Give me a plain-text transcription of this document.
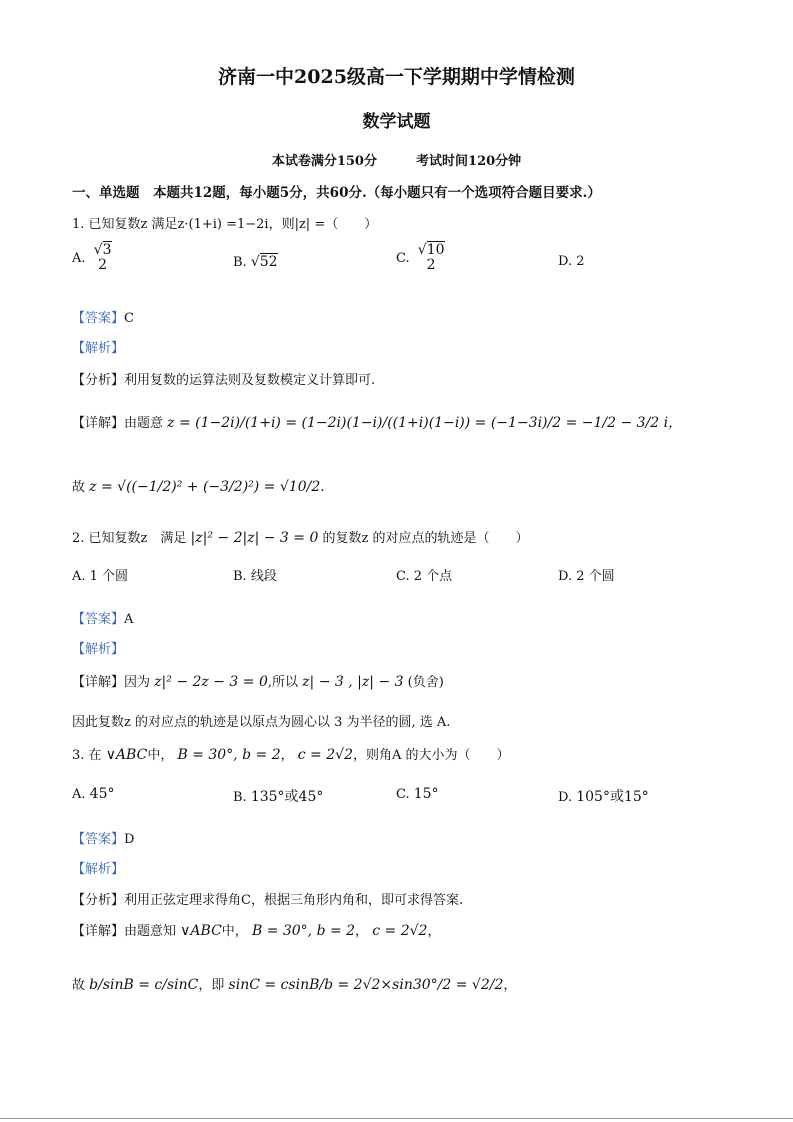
济南一中2025级高一下学期期中学情检测
数学试题
本试卷满分150分	考试时间120分钟
一、单选题　本题共12题，每小题5分，共60分.（每小题只有一个选项符合题目要求.）
1. 已知复数z 满足z·(1+i) =1−2i，则|z| =（　　）
A.
√3
2	B. √52	C.
√10
2	D. 2
【答案】C
【解析】
【分析】利用复数的运算法则及复数模定义计算即可.
【详解】由题意 z = (1−2i)/(1+i) = (1−2i)(1−i)/((1+i)(1−i)) = (−1−3i)/2 = −1/2 − 3/2 i，
故 z = √((−1/2)² + (−3/2)²) = √10/2.
2. 已知复数z　满足 |z|² − 2|z| − 3 = 0 的复数z 的对应点的轨迹是（　　）
A. 1 个圆	B. 线段	C. 2 个点	D. 2 个圆
【答案】A
【解析】
【详解】因为 z|² − 2z − 3 = 0,所以 z| − 3 , |z| − 3 (负舍)
因此复数z 的对应点的轨迹是以原点为圆心以 3 为半径的圆, 选 A.
3. 在 ∨ABC中， B = 30°, b = 2， c = 2√2，则角A 的大小为（　　）
A. 45°	B. 135°或45°	C. 15°	D. 105°或15°
【答案】D
【解析】
【分析】利用正弦定理求得角C，根据三角形内角和，即可求得答案.
【详解】由题意知 ∨ABC中， B = 30°, b = 2， c = 2√2，
故 b/sinB = c/sinC，即 sinC = csinB/b = 2√2×sin30°/2 = √2/2，
